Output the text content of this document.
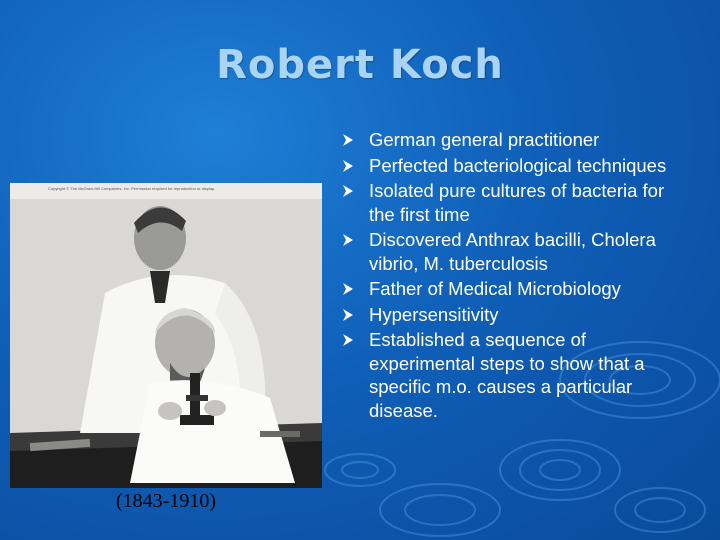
Robert Koch
(1843-1910)
German general practitioner
Perfected bacteriological techniques
Isolated pure cultures of bacteria for the first time
Discovered Anthrax bacilli, Cholera vibrio, M. tuberculosis
Father of Medical Microbiology
Hypersensitivity
Established a sequence of experimental steps to show that a specific m.o. causes a particular disease.
Copyright © The McGraw-Hill Companies, Inc. Permission required for reproduction or display.
